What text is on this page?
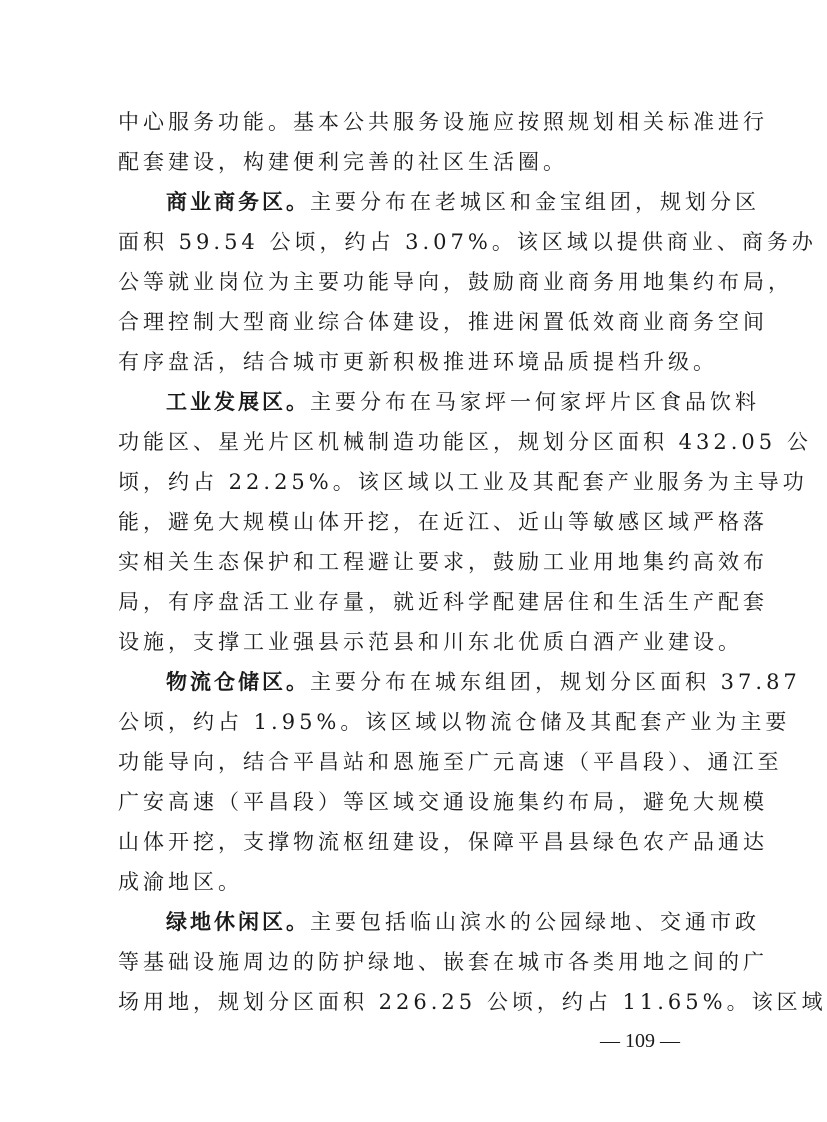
中心服务功能。基本公共服务设施应按照规划相关标准进行
配套建设，构建便利完善的社区生活圈。
商业商务区。主要分布在老城区和金宝组团，规划分区
面积 59.54 公顷，约占 3.07%。该区域以提供商业、商务办
公等就业岗位为主要功能导向，鼓励商业商务用地集约布局，
合理控制大型商业综合体建设，推进闲置低效商业商务空间
有序盘活，结合城市更新积极推进环境品质提档升级。
工业发展区。主要分布在马家坪一何家坪片区食品饮料
功能区、星光片区机械制造功能区，规划分区面积 432.05 公
顷，约占 22.25%。该区域以工业及其配套产业服务为主导功
能，避免大规模山体开挖，在近江、近山等敏感区域严格落
实相关生态保护和工程避让要求，鼓励工业用地集约高效布
局，有序盘活工业存量，就近科学配建居住和生活生产配套
设施，支撑工业强县示范县和川东北优质白酒产业建设。
物流仓储区。主要分布在城东组团，规划分区面积 37.87
公顷，约占 1.95%。该区域以物流仓储及其配套产业为主要
功能导向，结合平昌站和恩施至广元高速（平昌段）、通江至
广安高速（平昌段）等区域交通设施集约布局，避免大规模
山体开挖，支撑物流枢纽建设，保障平昌县绿色农产品通达
成渝地区。
绿地休闲区。主要包括临山滨水的公园绿地、交通市政
等基础设施周边的防护绿地、嵌套在城市各类用地之间的广
场用地，规划分区面积 226.25 公顷，约占 11.65%。该区域
— 109 —
